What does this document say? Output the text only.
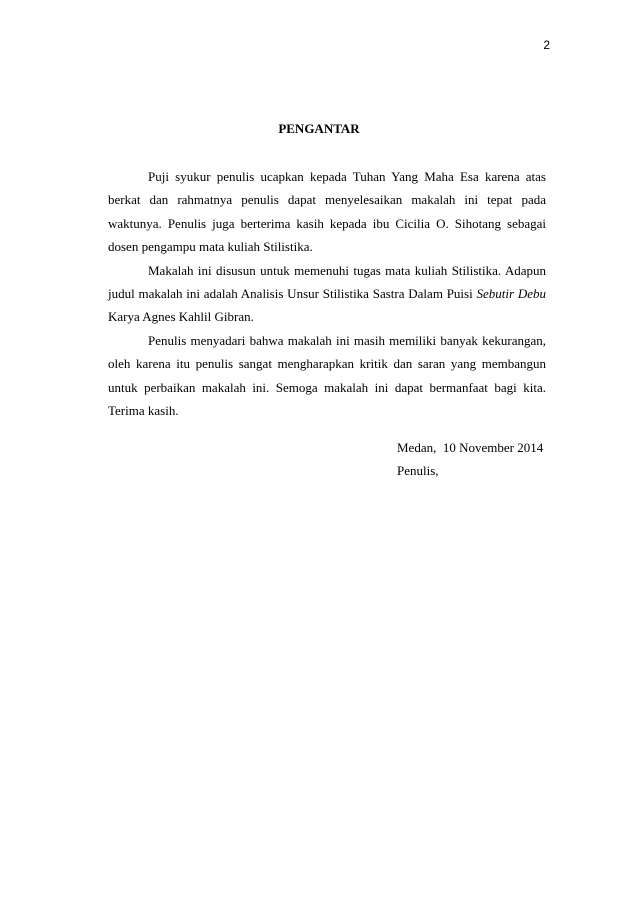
2
PENGANTAR

Puji syukur penulis ucapkan kepada Tuhan Yang Maha Esa karena atas berkat dan rahmatnya penulis dapat menyelesaikan makalah ini tepat pada waktunya. Penulis juga berterima kasih kepada ibu Cicilia O. Sihotang sebagai dosen pengampu mata kuliah Stilistika.

Makalah ini disusun untuk memenuhi tugas mata kuliah Stilistika. Adapun judul makalah ini adalah Analisis Unsur Stilistika Sastra Dalam Puisi Sebutir Debu Karya Agnes Kahlil Gibran.

Penulis menyadari bahwa makalah ini masih memiliki banyak kekurangan, oleh karena itu penulis sangat mengharapkan kritik dan saran yang membangun untuk perbaikan makalah ini. Semoga makalah ini dapat bermanfaat bagi kita. Terima kasih.

Medan,  10 November 2014
Penulis,
